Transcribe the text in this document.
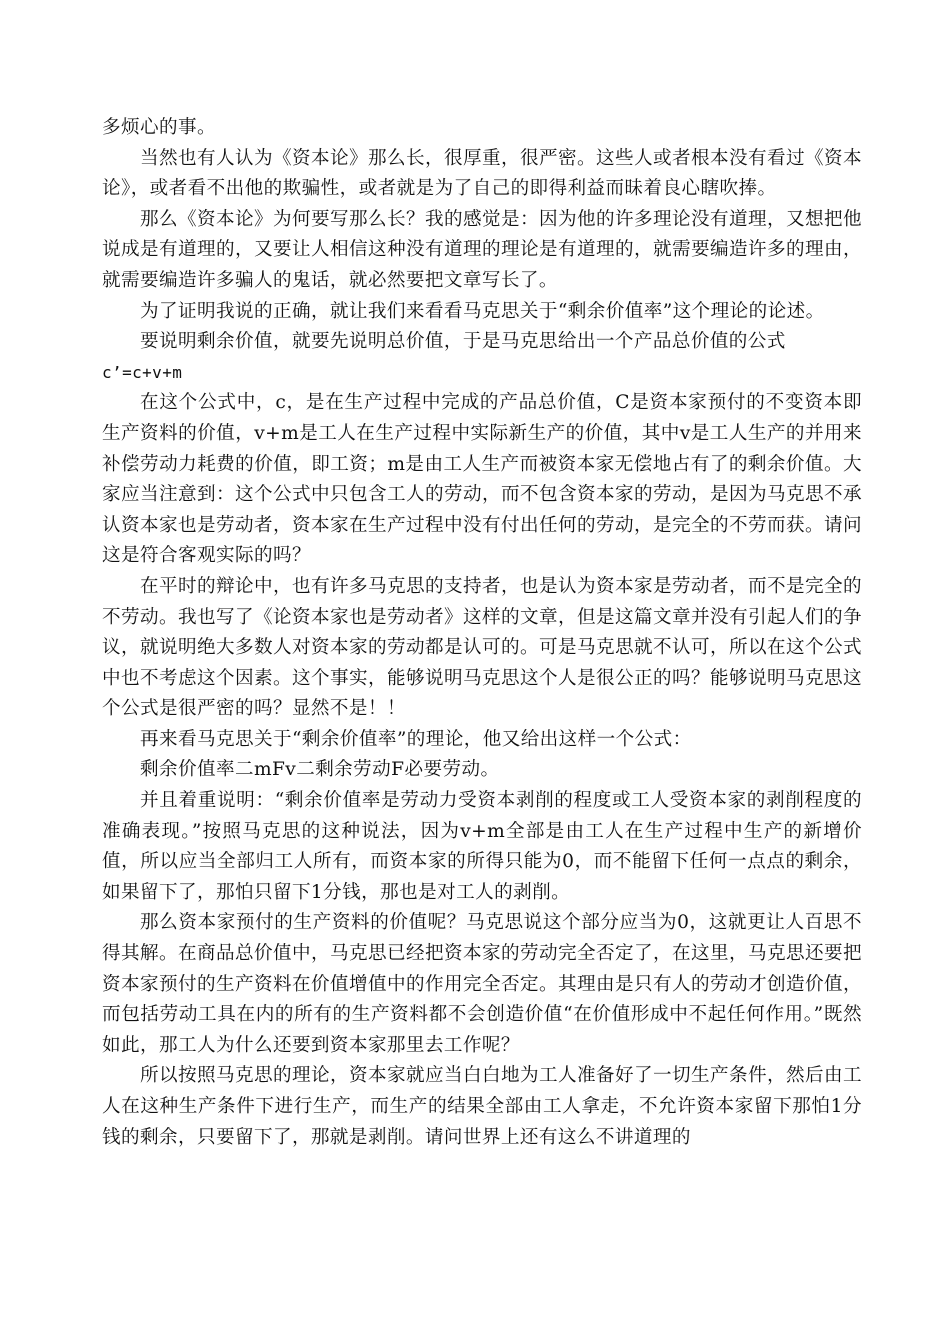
多烦心的事。

当然也有人认为《资本论》那么长，很厚重，很严密。这些人或者根本没有看过《资本论》，或者看不出他的欺骗性，或者就是为了自己的即得利益而昧着良心瞎吹捧。

那么《资本论》为何要写那么长？我的感觉是：因为他的许多理论没有道理，又想把他说成是有道理的，又要让人相信这种没有道理的理论是有道理的，就需要编造许多的理由，就需要编造许多骗人的鬼话，就必然要把文章写长了。

为了证明我说的正确，就让我们来看看马克思关于“剩余价值率”这个理论的论述。

要说明剩余价值，就要先说明总价值，于是马克思给出一个产品总价值的公式

c’=c+v+m

在这个公式中，c，是在生产过程中完成的产品总价值，C是资本家预付的不变资本即生产资料的价值，v+m是工人在生产过程中实际新生产的价值，其中v是工人生产的并用来补偿劳动力耗费的价值，即工资；m是由工人生产而被资本家无偿地占有了的剩余价值。大家应当注意到：这个公式中只包含工人的劳动，而不包含资本家的劳动，是因为马克思不承认资本家也是劳动者，资本家在生产过程中没有付出任何的劳动，是完全的不劳而获。请问这是符合客观实际的吗？

在平时的辩论中，也有许多马克思的支持者，也是认为资本家是劳动者，而不是完全的不劳动。我也写了《论资本家也是劳动者》这样的文章，但是这篇文章并没有引起人们的争议，就说明绝大多数人对资本家的劳动都是认可的。可是马克思就不认可，所以在这个公式中也不考虑这个因素。这个事实，能够说明马克思这个人是很公正的吗？能够说明马克思这个公式是很严密的吗？显然不是！！

再来看马克思关于“剩余价值率”的理论，他又给出这样一个公式：

剩余价值率二mFv二剩余劳动F必要劳动。

并且着重说明：“剩余价值率是劳动力受资本剥削的程度或工人受资本家的剥削程度的准确表现。”按照马克思的这种说法，因为v+m全部是由工人在生产过程中生产的新增价值，所以应当全部归工人所有，而资本家的所得只能为0，而不能留下任何一点点的剩余，如果留下了，那怕只留下1分钱，那也是对工人的剥削。

那么资本家预付的生产资料的价值呢？马克思说这个部分应当为0，这就更让人百思不得其解。在商品总价值中，马克思已经把资本家的劳动完全否定了，在这里，马克思还要把资本家预付的生产资料在价值增值中的作用完全否定。其理由是只有人的劳动才创造价值，而包括劳动工具在内的所有的生产资料都不会创造价值“在价值形成中不起任何作用。”既然如此，那工人为什么还要到资本家那里去工作呢？

所以按照马克思的理论，资本家就应当白白地为工人准备好了一切生产条件，然后由工人在这种生产条件下进行生产，而生产的结果全部由工人拿走，不允许资本家留下那怕1分钱的剩余，只要留下了，那就是剥削。请问世界上还有这么不讲道理的
